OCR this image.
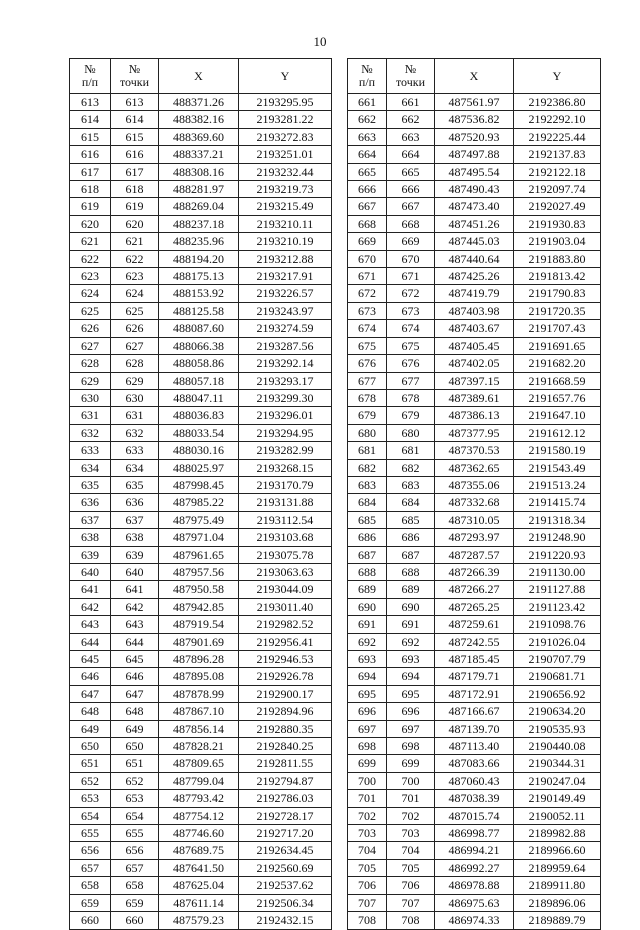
10
№
п/п	№
точки	X	Y
613	613	488371.26	2193295.95
614	614	488382.16	2193281.22
615	615	488369.60	2193272.83
616	616	488337.21	2193251.01
617	617	488308.16	2193232.44
618	618	488281.97	2193219.73
619	619	488269.04	2193215.49
620	620	488237.18	2193210.11
621	621	488235.96	2193210.19
622	622	488194.20	2193212.88
623	623	488175.13	2193217.91
624	624	488153.92	2193226.57
625	625	488125.58	2193243.97
626	626	488087.60	2193274.59
627	627	488066.38	2193287.56
628	628	488058.86	2193292.14
629	629	488057.18	2193293.17
630	630	488047.11	2193299.30
631	631	488036.83	2193296.01
632	632	488033.54	2193294.95
633	633	488030.16	2193282.99
634	634	488025.97	2193268.15
635	635	487998.45	2193170.79
636	636	487985.22	2193131.88
637	637	487975.49	2193112.54
638	638	487971.04	2193103.68
639	639	487961.65	2193075.78
640	640	487957.56	2193063.63
641	641	487950.58	2193044.09
642	642	487942.85	2193011.40
643	643	487919.54	2192982.52
644	644	487901.69	2192956.41
645	645	487896.28	2192946.53
646	646	487895.08	2192926.78
647	647	487878.99	2192900.17
648	648	487867.10	2192894.96
649	649	487856.14	2192880.35
650	650	487828.21	2192840.25
651	651	487809.65	2192811.55
652	652	487799.04	2192794.87
653	653	487793.42	2192786.03
654	654	487754.12	2192728.17
655	655	487746.60	2192717.20
656	656	487689.75	2192634.45
657	657	487641.50	2192560.69
658	658	487625.04	2192537.62
659	659	487611.14	2192506.34
660	660	487579.23	2192432.15
№
п/п	№
точки	X	Y
661	661	487561.97	2192386.80
662	662	487536.82	2192292.10
663	663	487520.93	2192225.44
664	664	487497.88	2192137.83
665	665	487495.54	2192122.18
666	666	487490.43	2192097.74
667	667	487473.40	2192027.49
668	668	487451.26	2191930.83
669	669	487445.03	2191903.04
670	670	487440.64	2191883.80
671	671	487425.26	2191813.42
672	672	487419.79	2191790.83
673	673	487403.98	2191720.35
674	674	487403.67	2191707.43
675	675	487405.45	2191691.65
676	676	487402.05	2191682.20
677	677	487397.15	2191668.59
678	678	487389.61	2191657.76
679	679	487386.13	2191647.10
680	680	487377.95	2191612.12
681	681	487370.53	2191580.19
682	682	487362.65	2191543.49
683	683	487355.06	2191513.24
684	684	487332.68	2191415.74
685	685	487310.05	2191318.34
686	686	487293.97	2191248.90
687	687	487287.57	2191220.93
688	688	487266.39	2191130.00
689	689	487266.27	2191127.88
690	690	487265.25	2191123.42
691	691	487259.61	2191098.76
692	692	487242.55	2191026.04
693	693	487185.45	2190707.79
694	694	487179.71	2190681.71
695	695	487172.91	2190656.92
696	696	487166.67	2190634.20
697	697	487139.70	2190535.93
698	698	487113.40	2190440.08
699	699	487083.66	2190344.31
700	700	487060.43	2190247.04
701	701	487038.39	2190149.49
702	702	487015.74	2190052.11
703	703	486998.77	2189982.88
704	704	486994.21	2189966.60
705	705	486992.27	2189959.64
706	706	486978.88	2189911.80
707	707	486975.63	2189896.06
708	708	486974.33	2189889.79
